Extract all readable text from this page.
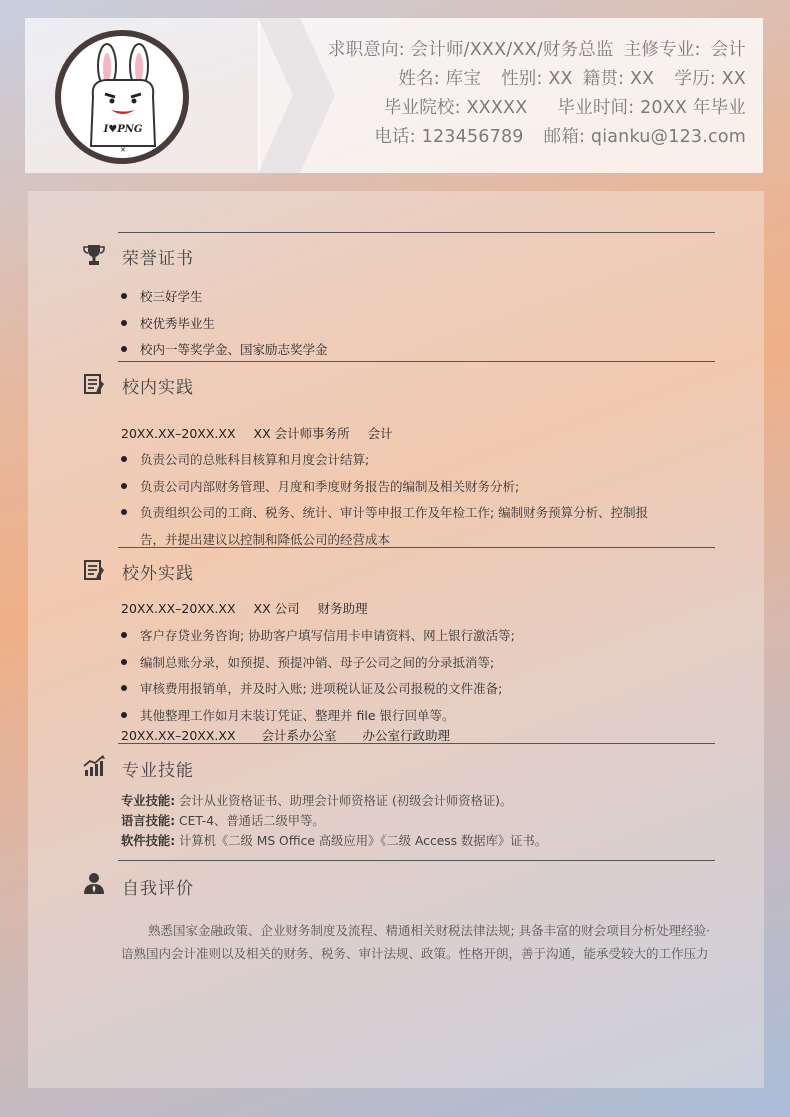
I♥PNG
✕
求职意向: 会计师/XXX/XX/财务总监 主修专业: 会计
姓名: 库宝 性别: XX 籍贯: XX 学历: XX
毕业院校: XXXXX 毕业时间: 20XX 年毕业
电话: 123456789 邮箱: qianku@123.com
荣誉证书
校三好学生
校优秀毕业生
校内一等奖学金、国家励志奖学金
校内实践
20XX.XX–20XX.XX XX 会计师事务所 会计
负责公司的总账科目核算和月度会计结算;
负责公司内部财务管理、月度和季度财务报告的编制及相关财务分析;
负责组织公司的工商、税务、统计、审计等申报工作及年检工作; 编制财务预算分析、控制报
告，并提出建议以控制和降低公司的经营成本
校外实践
20XX.XX–20XX.XX XX 公司 财务助理
客户存贷业务咨询; 协助客户填写信用卡申请资料、网上银行激活等;
编制总账分录，如预提、预提冲销、母子公司之间的分录抵消等;
审核费用报销单，并及时入账; 进项税认证及公司报税的文件准备;
其他整理工作如月末装订凭证、整理并 file 银行回单等。
20XX.XX–20XX.XX 会计系办公室 办公室行政助理
专业技能
专业技能: 会计从业资格证书、助理会计师资格证 (初级会计师资格证)。
语言技能: CET-4、普通话二级甲等。
软件技能: 计算机《二级 MS Office 高级应用》《二级 Access 数据库》证书。
自我评价
熟悉国家金融政策、企业财务制度及流程、精通相关财税法律法规; 具备丰富的财会项目分析处理经验·谙熟国内会计准则以及相关的财务、税务、审计法规、政策。性格开朗，善于沟通，能承受较大的工作压力
